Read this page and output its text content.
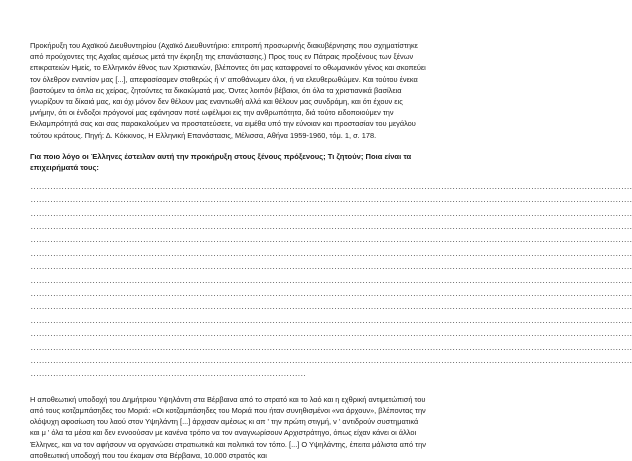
Προκήρυξη του Αχαϊκού Διευθυντηρίου (Αχαϊκό Διευθυντήριο: επιτροπή προσωρινής διακυβέρνησης που σχηματίστηκε από προύχοντες της Αχαΐας αμέσως μετά την έκρηξη της επανάστασης.) Προς τους εν Πάτραις προξένους των ξένων επικρατειών Ημείς, το Ελληνικόν έθνος των Χριστιανών, βλέποντες ότι μας καταφρονεί το οθωμανικόν γένος και σκοπεύει τον όλεθρον εναντίον μας [...], απεφασίσαμεν σταθερώς ή ν' αποθάνωμεν όλοι, ή να ελευθερωθώμεν. Και τούτου ένεκα βαστούμεν τα όπλα εις χείρας, ζητούντες τα δικαιώματά μας. Όντες λοιπόν βέβαιοι, ότι όλα τα χριστιανικά βασίλεια γνωρίζουν τα δίκαιά μας, και όχι μόνον δεν θέλουν μας εναντιωθή αλλά και θέλουν μας συνδράμη, και ότι έχουν εις μνήμην, ότι οι ένδοξοι πρόγονοί μας εφάνησαν ποτέ ωφέλιμοι εις την ανθρωπότητα, διά τούτο ειδοποιούμεν την Εκλαμπρότητά σας και σας παρακαλούμεν να προστατεύσετε, να ειμέθα υπό την εύνοιαν και προστασίαν του μεγάλου τούτου κράτους. Πηγή: Δ. Κόκκινος, Η Ελληνική Επανάστασις, Μέλισσα, Αθήνα 1959-1960, τόμ. 1, σ. 178.

Για ποιο λόγο οι Έλληνες έστειλαν αυτή την προκήρυξη στους ξένους πρόξενους; Τι ζητούν; Ποια είναι τα επιχειρήματά τους:

......................................................................................................................................................................................................................
......................................................................................................................................................................................................................
......................................................................................................................................................................................................................
......................................................................................................................................................................................................................
......................................................................................................................................................................................................................
......................................................................................................................................................................................................................
......................................................................................................................................................................................................................
......................................................................................................................................................................................................................
......................................................................................................................................................................................................................
......................................................................................................................................................................................................................
......................................................................................................................................................................................................................
......................................................................................................................................................................................................................
......................................................................................................................................................................................................................
......................................................................................................................................................................................................................
..................................................................................................

Η αποθεωτική υποδοχή του Δημήτριου Υψηλάντη στα Βέρβαινα από το στρατό και το λαό και η εχθρική αντιμετώπισή του από τους κοτζαμπάσηδες του Μοριά: «Οι κοτζαμπάσηδες του Μοριά που ήταν συνηθισμένοι «να άρχουν», βλέποντας την ολόψυχη αφοσίωση του λαού στον Υψηλάντη [...] άρχισαν αμέσως κι απ ' την πρώτη στιγμή, ν ' αντιδρούν συστηματικά και μ ' όλα τα μέσα και δεν εννοούσαν με κανένα τρόπο να τον αναγνωρίσουν Αρχιστράτηγο, όπως είχαν κάνει οι άλλοι Έλληνες, και να τον αφήσουν να οργανώσει στρατιωτικά και πολιτικά τον τόπο. [...] Ο Υψηλάντης, έπειτα μάλιστα από την αποθεωτική υποδοχή που του έκαμαν στα Βέρβαινα, 10.000 στρατός και
